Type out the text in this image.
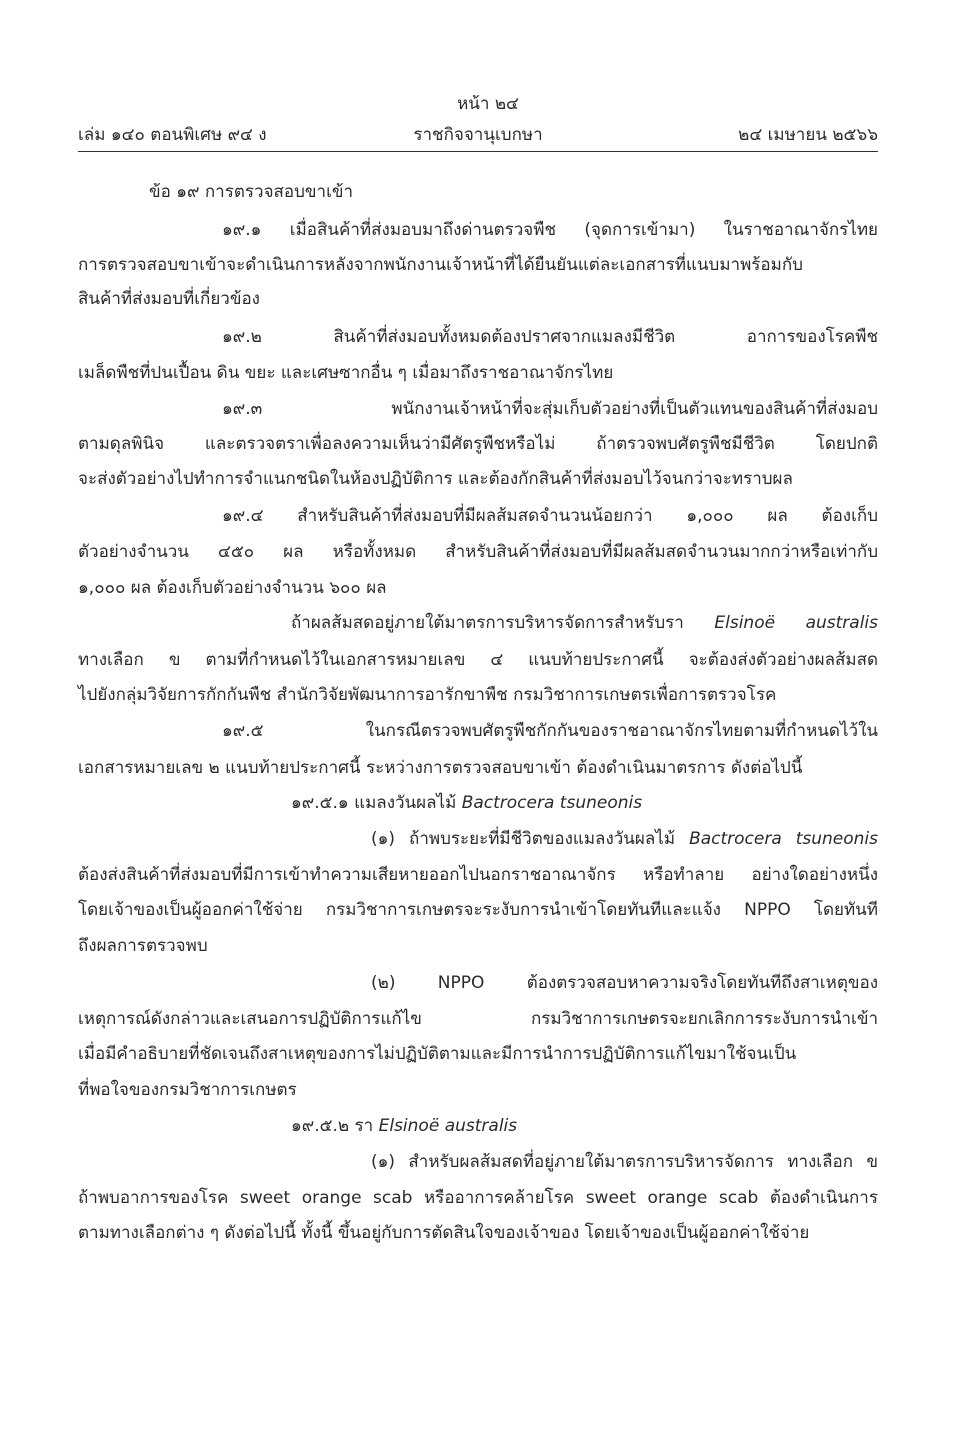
หน้า ๒๔
เล่ม ๑๔๐ ตอนพิเศษ ๙๔ ง	ราชกิจจานุเบกษา	๒๔ เมษายน ๒๕๖๖
ข้อ ๑๙ การตรวจสอบขาเข้า
๑๙.๑ เมื่อสินค้าที่ส่งมอบมาถึงด่านตรวจพืช (จุดการเข้ามา) ในราชอาณาจักรไทย
การตรวจสอบขาเข้าจะดำเนินการหลังจากพนักงานเจ้าหน้าที่ได้ยืนยันแต่ละเอกสารที่แนบมาพร้อมกับ
สินค้าที่ส่งมอบที่เกี่ยวข้อง
๑๙.๒ สินค้าที่ส่งมอบทั้งหมดต้องปราศจากแมลงมีชีวิต อาการของโรคพืช
เมล็ดพืชที่ปนเปื้อน ดิน ขยะ และเศษซากอื่น ๆ เมื่อมาถึงราชอาณาจักรไทย
๑๙.๓ พนักงานเจ้าหน้าที่จะสุ่มเก็บตัวอย่างที่เป็นตัวแทนของสินค้าที่ส่งมอบ
ตามดุลพินิจ และตรวจตราเพื่อลงความเห็นว่ามีศัตรูพืชหรือไม่ ถ้าตรวจพบศัตรูพืชมีชีวิต โดยปกติ
จะส่งตัวอย่างไปทำการจำแนกชนิดในห้องปฏิบัติการ และต้องกักสินค้าที่ส่งมอบไว้จนกว่าจะทราบผล
๑๙.๔ สำหรับสินค้าที่ส่งมอบที่มีผลส้มสดจำนวนน้อยกว่า ๑,๐๐๐ ผล ต้องเก็บ
ตัวอย่างจำนวน ๔๕๐ ผล หรือทั้งหมด สำหรับสินค้าที่ส่งมอบที่มีผลส้มสดจำนวนมากกว่าหรือเท่ากับ
๑,๐๐๐ ผล ต้องเก็บตัวอย่างจำนวน ๖๐๐ ผล
ถ้าผลส้มสดอยู่ภายใต้มาตรการบริหารจัดการสำหรับรา Elsinoë australis
ทางเลือก ข ตามที่กำหนดไว้ในเอกสารหมายเลข ๔ แนบท้ายประกาศนี้ จะต้องส่งตัวอย่างผลส้มสด
ไปยังกลุ่มวิจัยการกักกันพืช สำนักวิจัยพัฒนาการอารักขาพืช กรมวิชาการเกษตรเพื่อการตรวจโรค
๑๙.๕ ในกรณีตรวจพบศัตรูพืชกักกันของราชอาณาจักรไทยตามที่กำหนดไว้ใน
เอกสารหมายเลข ๒ แนบท้ายประกาศนี้ ระหว่างการตรวจสอบขาเข้า ต้องดำเนินมาตรการ ดังต่อไปนี้
๑๙.๕.๑ แมลงวันผลไม้ Bactrocera tsuneonis
(๑) ถ้าพบระยะที่มีชีวิตของแมลงวันผลไม้ Bactrocera tsuneonis
ต้องส่งสินค้าที่ส่งมอบที่มีการเข้าทำความเสียหายออกไปนอกราชอาณาจักร หรือทำลาย อย่างใดอย่างหนึ่ง
โดยเจ้าของเป็นผู้ออกค่าใช้จ่าย กรมวิชาการเกษตรจะระงับการนำเข้าโดยทันทีและแจ้ง NPPO โดยทันที
ถึงผลการตรวจพบ
(๒) NPPO ต้องตรวจสอบหาความจริงโดยทันทีถึงสาเหตุของ
เหตุการณ์ดังกล่าวและเสนอการปฏิบัติการแก้ไข กรมวิชาการเกษตรจะยกเลิกการระงับการนำเข้า
เมื่อมีคำอธิบายที่ชัดเจนถึงสาเหตุของการไม่ปฏิบัติตามและมีการนำการปฏิบัติการแก้ไขมาใช้จนเป็น
ที่พอใจของกรมวิชาการเกษตร
๑๙.๕.๒ รา Elsinoë australis
(๑) สำหรับผลส้มสดที่อยู่ภายใต้มาตรการบริหารจัดการ ทางเลือก ข
ถ้าพบอาการของโรค sweet orange scab หรืออาการคล้ายโรค sweet orange scab ต้องดำเนินการ
ตามทางเลือกต่าง ๆ ดังต่อไปนี้ ทั้งนี้ ขึ้นอยู่กับการตัดสินใจของเจ้าของ โดยเจ้าของเป็นผู้ออกค่าใช้จ่าย
